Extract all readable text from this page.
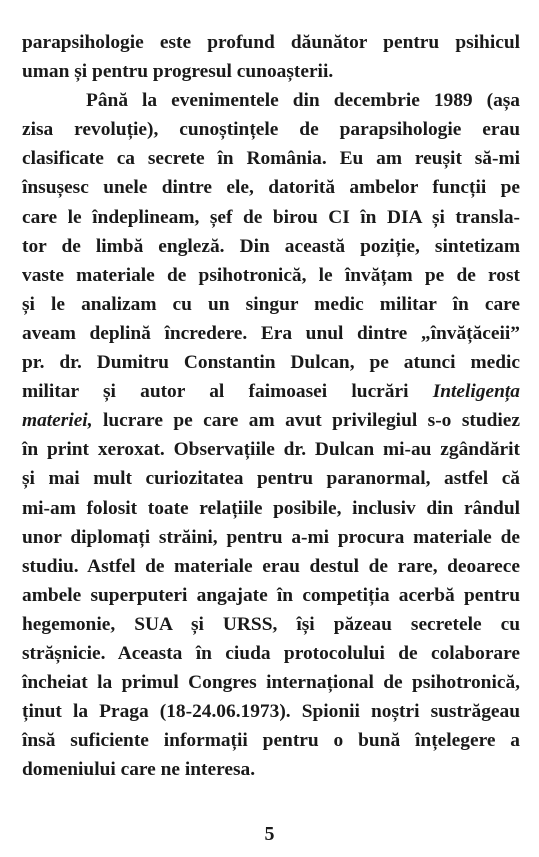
parapsihologie este profund dăunător pentru psihicul
uman și pentru progresul cunoașterii.
Până la evenimentele din decembrie 1989 (așa
zisa revoluție), cunoștințele de parapsihologie erau
clasificate ca secrete în România. Eu am reușit să-mi
însușesc unele dintre ele, datorită ambelor funcții pe
care le îndeplineam, șef de birou CI în DIA și transla-
tor de limbă engleză. Din această poziție, sintetizam
vaste materiale de psihotronică, le învățam pe de rost
și le analizam cu un singur medic militar în care
aveam deplină încredere. Era unul dintre „învățăceii”
pr. dr. Dumitru Constantin Dulcan, pe atunci medic
militar și autor al faimoasei lucrări Inteligența
materiei, lucrare pe care am avut privilegiul s-o studiez
în print xeroxat. Observațiile dr. Dulcan mi-au zgândărit
și mai mult curiozitatea pentru paranormal, astfel că
mi-am folosit toate relațiile posibile, inclusiv din rândul
unor diplomați străini, pentru a-mi procura materiale de
studiu. Astfel de materiale erau destul de rare, deoarece
ambele superputeri angajate în competiția acerbă pentru
hegemonie, SUA și URSS, își păzeau secretele cu
strășnicie. Aceasta în ciuda protocolului de colaborare
încheiat la primul Congres internațional de psihotronică,
ținut la Praga (18-24.06.1973). Spionii noștri sustrăgeau
însă suficiente informații pentru o bună înțelegere a
domeniului care ne interesa.
5
